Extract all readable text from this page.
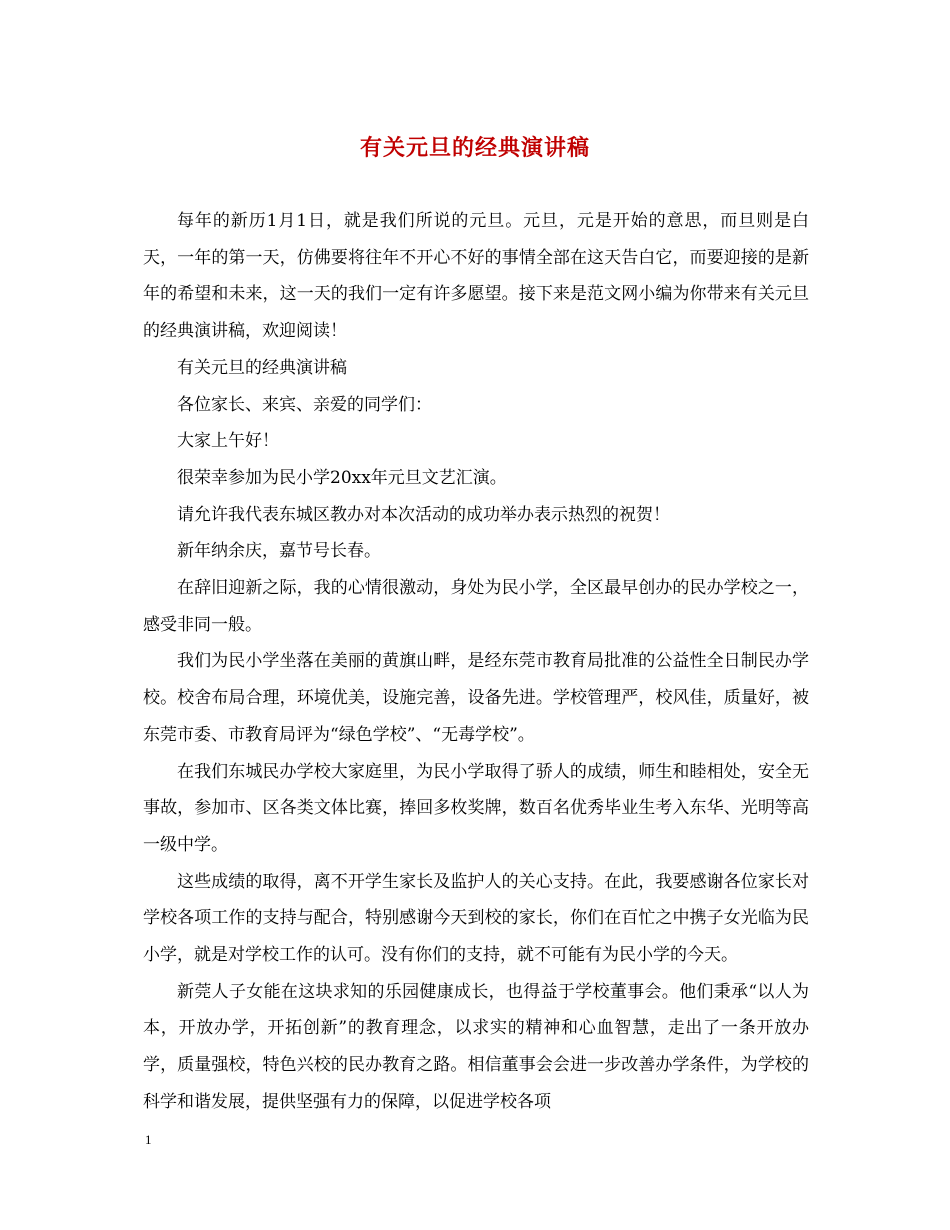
有关元旦的经典演讲稿

每年的新历1月1日，就是我们所说的元旦。元旦，元是开始的意思，而旦则是白天，一年的第一天，仿佛要将往年不开心不好的事情全部在这天告白它，而要迎接的是新年的希望和未来，这一天的我们一定有许多愿望。接下来是范文网小编为你带来有关元旦的经典演讲稿，欢迎阅读！

有关元旦的经典演讲稿

各位家长、来宾、亲爱的同学们：

大家上午好！

很荣幸参加为民小学20xx年元旦文艺汇演。

请允许我代表东城区教办对本次活动的成功举办表示热烈的祝贺！

新年纳余庆，嘉节号长春。

在辞旧迎新之际，我的心情很激动，身处为民小学，全区最早创办的民办学校之一，感受非同一般。

我们为民小学坐落在美丽的黄旗山畔，是经东莞市教育局批准的公益性全日制民办学校。校舍布局合理，环境优美，设施完善，设备先进。学校管理严，校风佳，质量好，被东莞市委、市教育局评为“绿色学校”、“无毒学校”。

在我们东城民办学校大家庭里，为民小学取得了骄人的成绩，师生和睦相处，安全无事故，参加市、区各类文体比赛，捧回多枚奖牌，数百名优秀毕业生考入东华、光明等高一级中学。

这些成绩的取得，离不开学生家长及监护人的关心支持。在此，我要感谢各位家长对学校各项工作的支持与配合，特别感谢今天到校的家长，你们在百忙之中携子女光临为民小学，就是对学校工作的认可。没有你们的支持，就不可能有为民小学的今天。

新莞人子女能在这块求知的乐园健康成长，也得益于学校董事会。他们秉承“以人为本，开放办学，开拓创新”的教育理念，以求实的精神和心血智慧，走出了一条开放办学，质量强校，特色兴校的民办教育之路。相信董事会会进一步改善办学条件，为学校的科学和谐发展，提供坚强有力的保障，以促进学校各项

1
